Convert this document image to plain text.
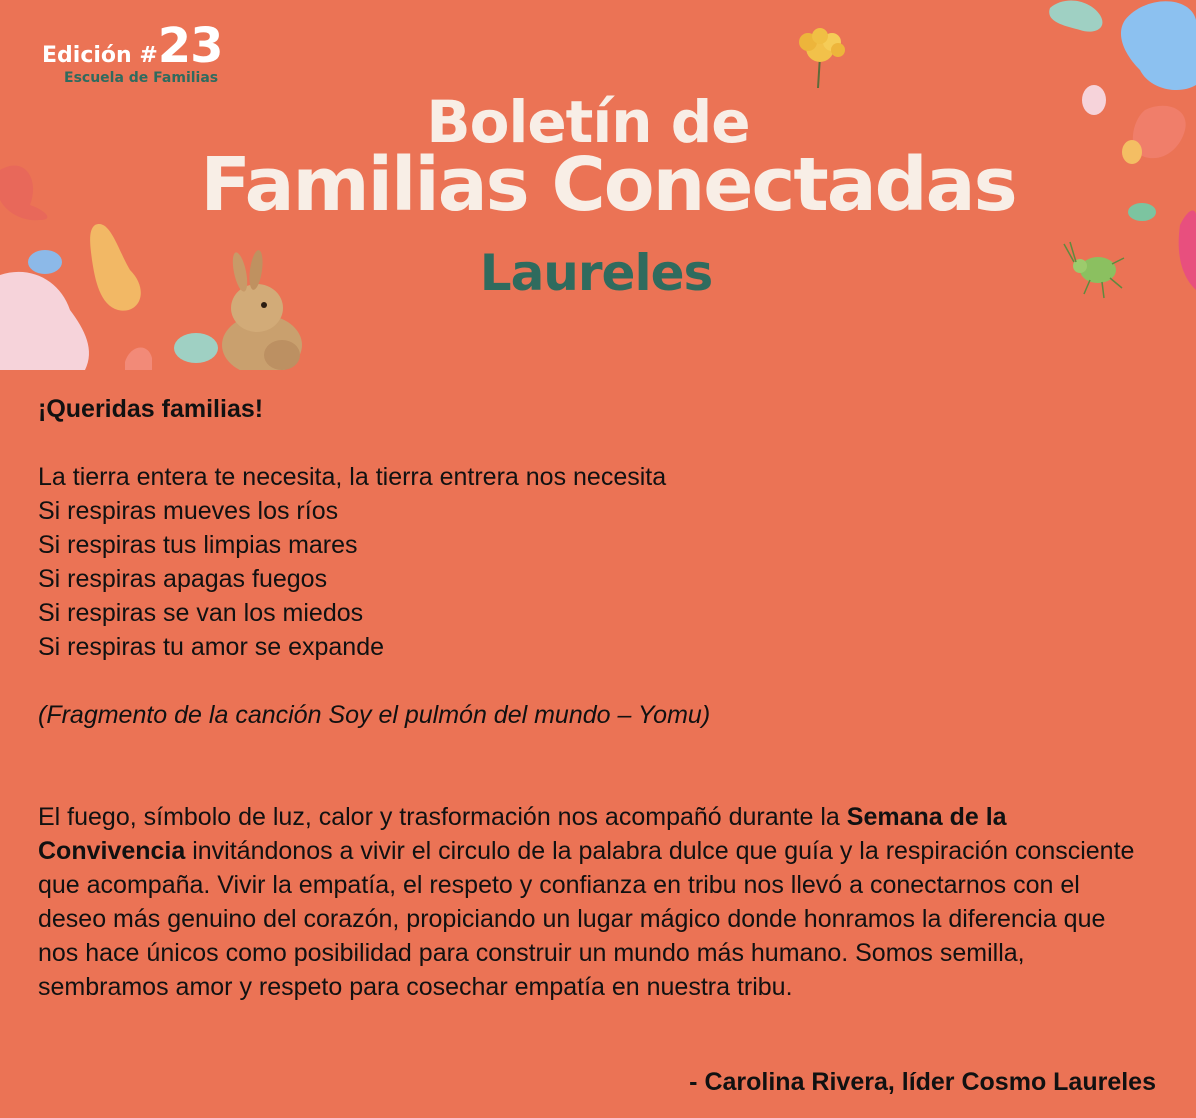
Edición #23
Escuela de Familias
Boletín de
Familias Conectadas
Laureles
¡Queridas familias!
La tierra entera te necesita, la tierra entrera nos necesita
Si respiras mueves los ríos
Si respiras tus limpias mares
Si respiras apagas fuegos
Si respiras se van los miedos
Si respiras tu amor se expande
(Fragmento de la canción Soy el pulmón del mundo – Yomu)
El fuego, símbolo de luz, calor y trasformación nos acompañó durante la Semana de la Convivencia invitándonos a vivir el circulo de la palabra dulce que guía y la respiración consciente que acompaña. Vivir la empatía, el respeto y confianza en tribu nos llevó a conectarnos con el deseo más genuino del corazón, propiciando un lugar mágico donde honramos la diferencia que nos hace únicos como posibilidad para construir un mundo más humano. Somos semilla, sembramos amor y respeto para cosechar empatía en nuestra tribu.
- Carolina Rivera, líder Cosmo Laureles
